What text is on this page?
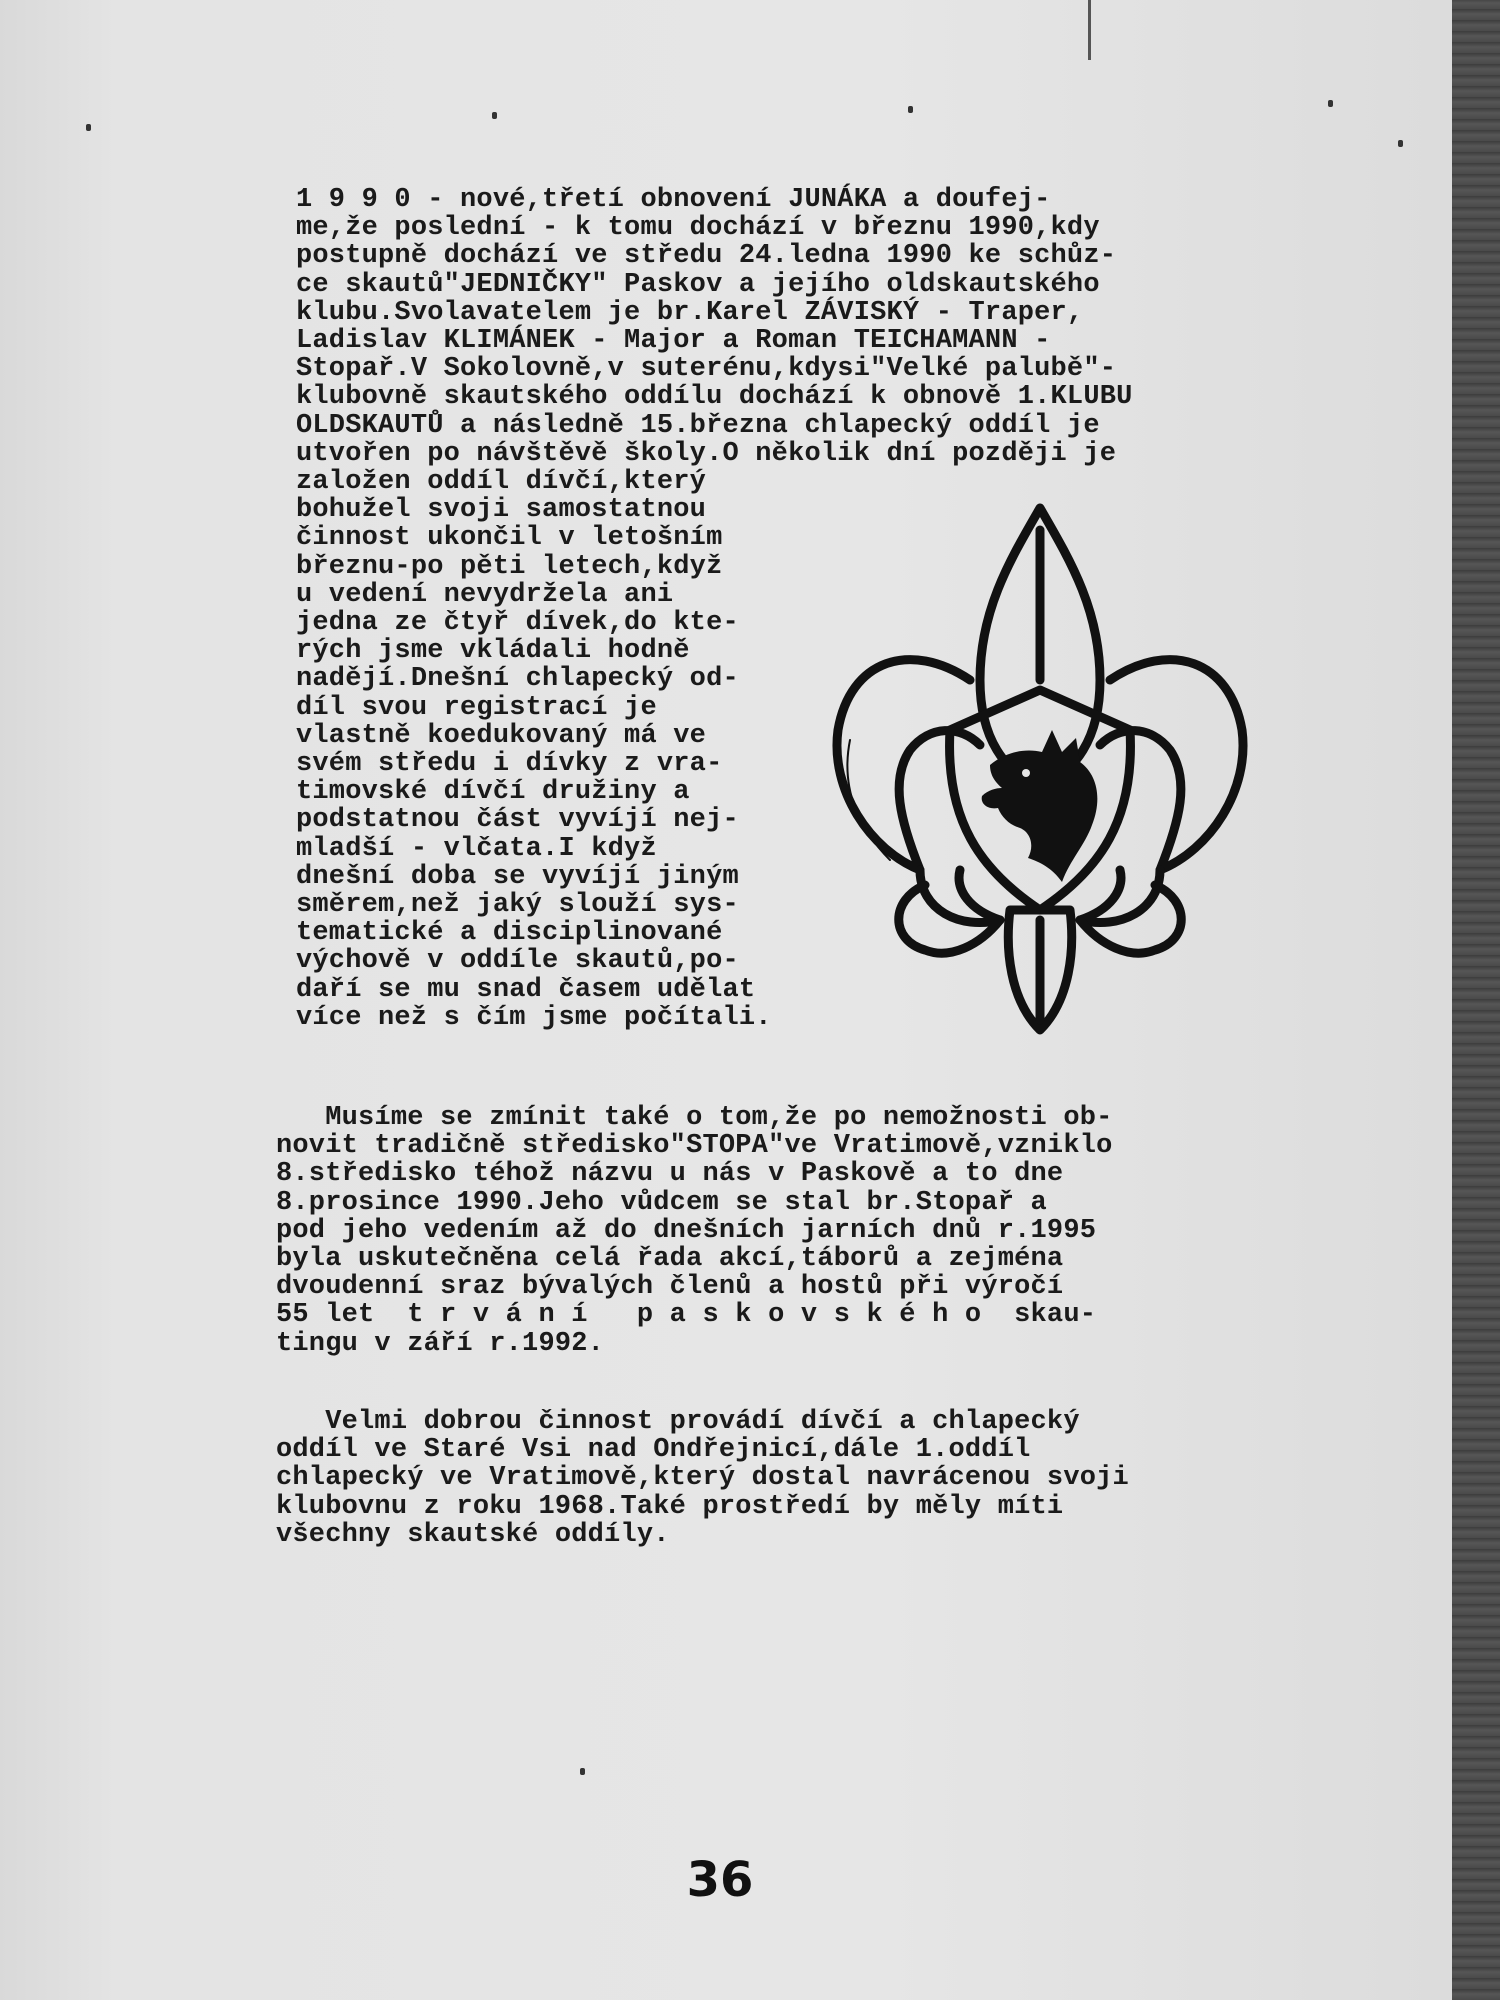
1 9 9 0 - nové,třetí obnovení JUNÁKA a doufej-
me,že poslední - k tomu dochází v březnu 1990,kdy
postupně dochází ve středu 24.ledna 1990 ke schůz-
ce skautů"JEDNIČKY" Paskov a jejího oldskautského
klubu.Svolavatelem je br.Karel ZÁVISKÝ - Traper,
Ladislav KLIMÁNEK - Major a Roman TEICHAMANN -
Stopař.V Sokolovně,v suterénu,kdysi"Velké palubě"-
klubovně skautského oddílu dochází k obnově 1.KLUBU
OLDSKAUTŮ a následně 15.března chlapecký oddíl je
utvořen po návštěvě školy.O několik dní později je
založen oddíl dívčí,který
bohužel svoji samostatnou
činnost ukončil v letošním
březnu-po pěti letech,když
u vedení nevydržela ani
jedna ze čtyř dívek,do kte-
rých jsme vkládali hodně
nadějí.Dnešní chlapecký od-
díl svou registrací je
vlastně koedukovaný má ve
svém středu i dívky z vra-
timovské dívčí družiny a
podstatnou část vyvíjí nej-
mladší - vlčata.I když
dnešní doba se vyvíjí jiným
směrem,než jaký slouží sys-
tematické a disciplinované
výchově v oddíle skautů,po-
daří se mu snad časem udělat
více než s čím jsme počítali.
Musíme se zmínit také o tom,že po nemožnosti ob-
novit tradičně středisko"STOPA"ve Vratimově,vzniklo
8.středisko téhož názvu u nás v Paskově a to dne
8.prosince 1990.Jeho vůdcem se stal br.Stopař a
pod jeho vedením až do dnešních jarních dnů r.1995
byla uskutečněna celá řada akcí,táborů a zejména
dvoudenní sraz bývalých členů a hostů při výročí
55 let  t r v á n í   p a s k o v s k é h o  skau-
tingu v září r.1992.
Velmi dobrou činnost provádí dívčí a chlapecký
oddíl ve Staré Vsi nad Ondřejnicí,dále 1.oddíl
chlapecký ve Vratimově,který dostal navrácenou svoji
klubovnu z roku 1968.Také prostředí by měly míti
všechny skautské oddíly.
36
